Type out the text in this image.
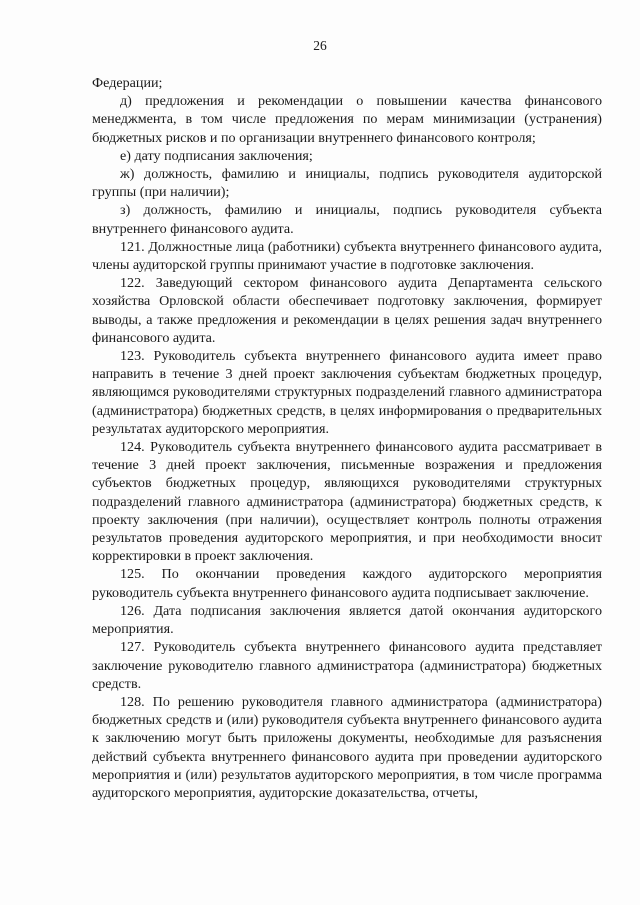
26

Федерации;

д) предложения и рекомендации о повышении качества финансового менеджмента, в том числе предложения по мерам минимизации (устранения) бюджетных рисков и по организации внутреннего финансового контроля;

е) дату подписания заключения;

ж) должность, фамилию и инициалы, подпись руководителя аудиторской группы (при наличии);

з) должность, фамилию и инициалы, подпись руководителя субъекта внутреннего финансового аудита.

121. Должностные лица (работники) субъекта внутреннего финансового аудита, члены аудиторской группы принимают участие в подготовке заключения.

122. Заведующий сектором финансового аудита Департамента сельского хозяйства Орловской области обеспечивает подготовку заключения, формирует выводы, а также предложения и рекомендации в целях решения задач внутреннего финансового аудита.

123. Руководитель субъекта внутреннего финансового аудита имеет право направить в течение 3 дней проект заключения субъектам бюджетных процедур, являющимся руководителями структурных подразделений главного администратора (администратора) бюджетных средств, в целях информирования о предварительных результатах аудиторского мероприятия.

124. Руководитель субъекта внутреннего финансового аудита рассматривает в течение 3 дней проект заключения, письменные возражения и предложения субъектов бюджетных процедур, являющихся руководителями структурных подразделений главного администратора (администратора) бюджетных средств, к проекту заключения (при наличии), осуществляет контроль полноты отражения результатов проведения аудиторского мероприятия, и при необходимости вносит корректировки в проект заключения.

125. По окончании проведения каждого аудиторского мероприятия руководитель субъекта внутреннего финансового аудита подписывает заключение.

126. Дата подписания заключения является датой окончания аудиторского мероприятия.

127. Руководитель субъекта внутреннего финансового аудита представляет заключение руководителю главного администратора (администратора) бюджетных средств.

128. По решению руководителя главного администратора (администратора) бюджетных средств и (или) руководителя субъекта внутреннего финансового аудита к заключению могут быть приложены документы, необходимые для разъяснения действий субъекта внутреннего финансового аудита при проведении аудиторского мероприятия и (или) результатов аудиторского мероприятия, в том числе программа аудиторского мероприятия, аудиторские доказательства, отчеты,
